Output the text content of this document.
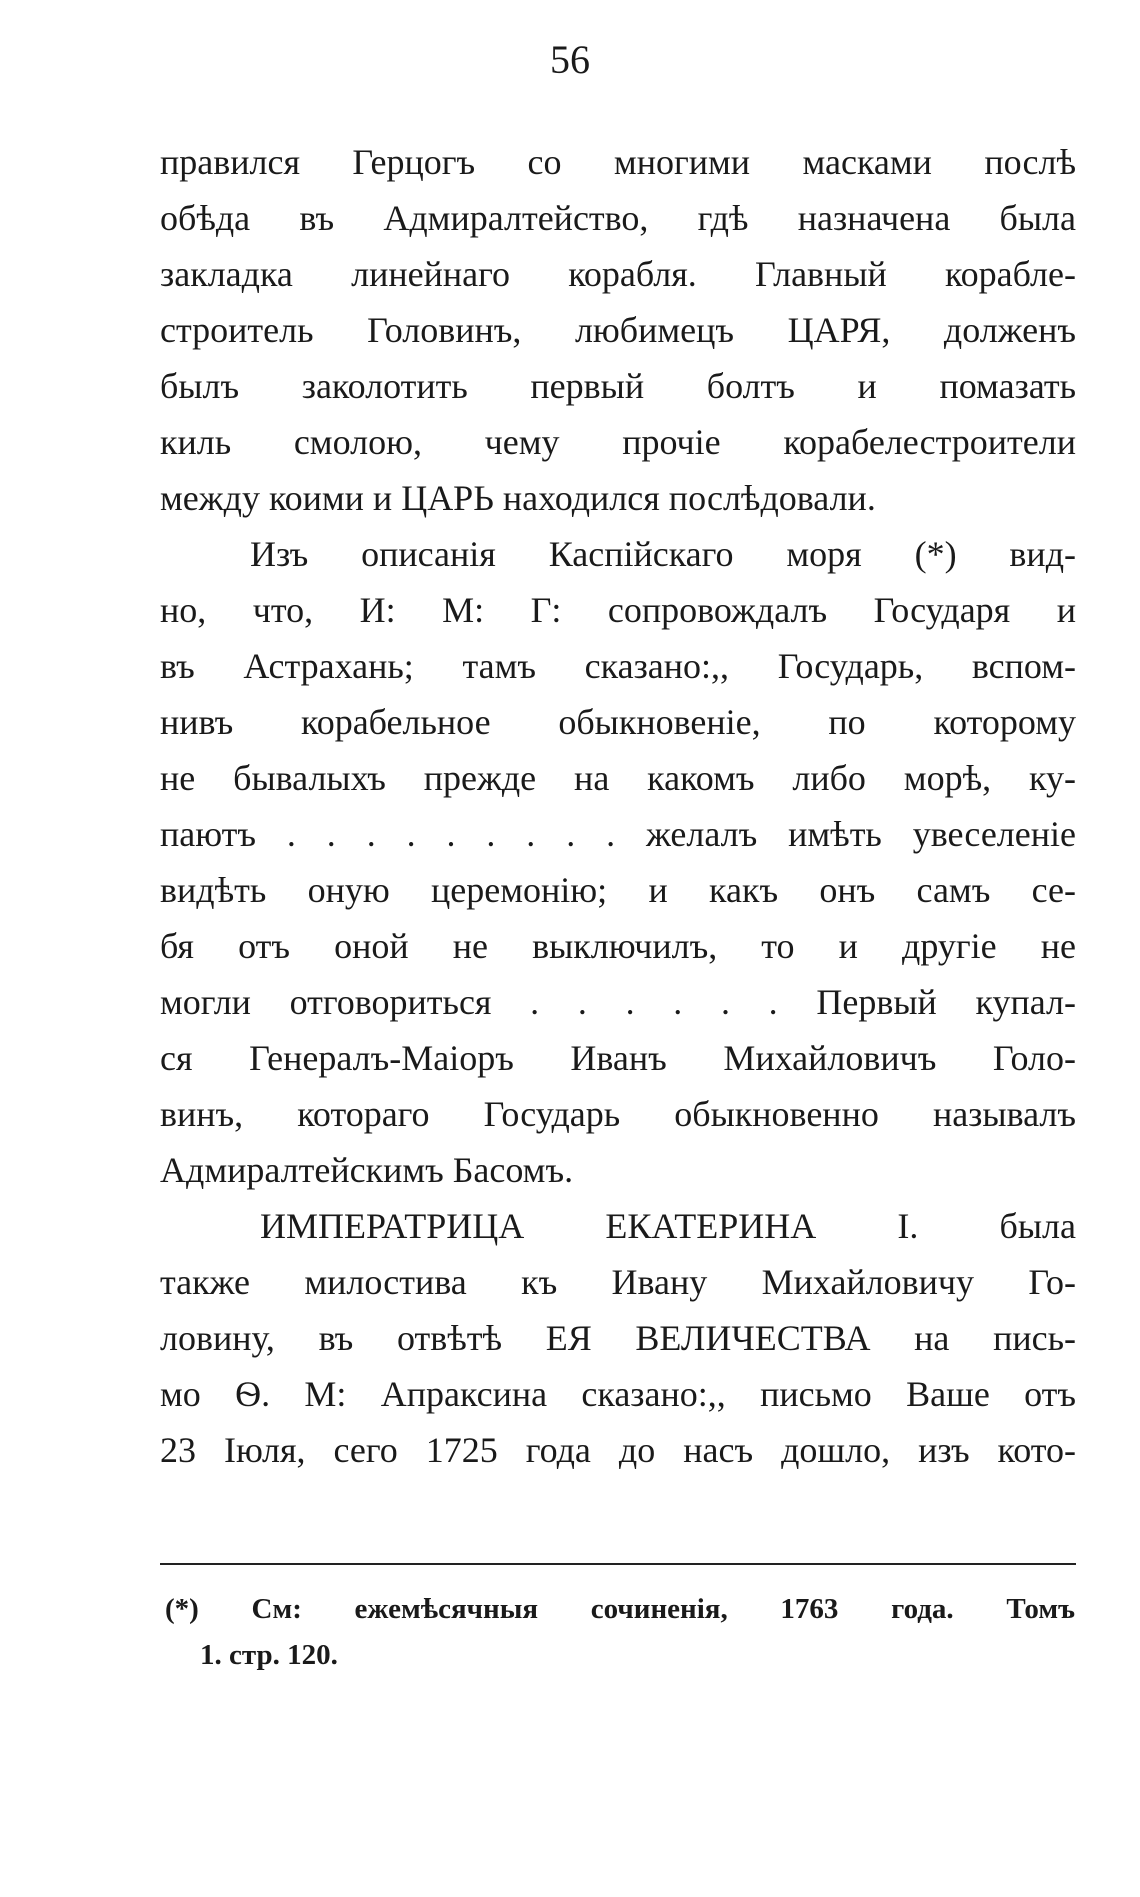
56
правился Герцогъ со многими масками послѣ
обѣда въ Адмиралтейство, гдѣ назначена была
закладка линейнаго корабля. Главный корабле-
строитель Головинъ, любимецъ ЦАРЯ, долженъ
былъ заколотить первый болтъ и помазать
киль смолою, чему прочіе корабелестроители
между коими и ЦАРЬ находился послѣдовали.
Изъ описанія Каспійскаго моря (*) вид-
но, что, И: М: Г: сопровождалъ Государя и
въ Астрахань; тамъ сказано:,, Государь, вспом-
нивъ корабельное обыкновеніе, по которому
не бывалыхъ прежде на какомъ либо морѣ, ку-
паютъ . . . . . . . . . желалъ имѣть увеселеніе
видѣть оную церемонію; и какъ онъ самъ се-
бя отъ оной не выключилъ, то и другіе не
могли отговориться . . . . . . Первый купал-
ся Генералъ-Маіоръ Иванъ Михайловичъ Голо-
винъ, котораго Государь обыкновенно называлъ
Адмиралтейскимъ Басомъ.
ИМПЕРАТРИЦА ЕКАТЕРИНА I. была
также милостива къ Ивану Михайловичу Го-
ловину, въ отвѣтѣ ЕЯ ВЕЛИЧЕСТВА на пись-
мо Ѳ. М: Апраксина сказано:,, письмо Ваше отъ
23 Іюля, сего 1725 года до насъ дошло, изъ кото-
(*) См: ежемѣсячныя сочиненія, 1763 года. Томъ
1. стр. 120.
